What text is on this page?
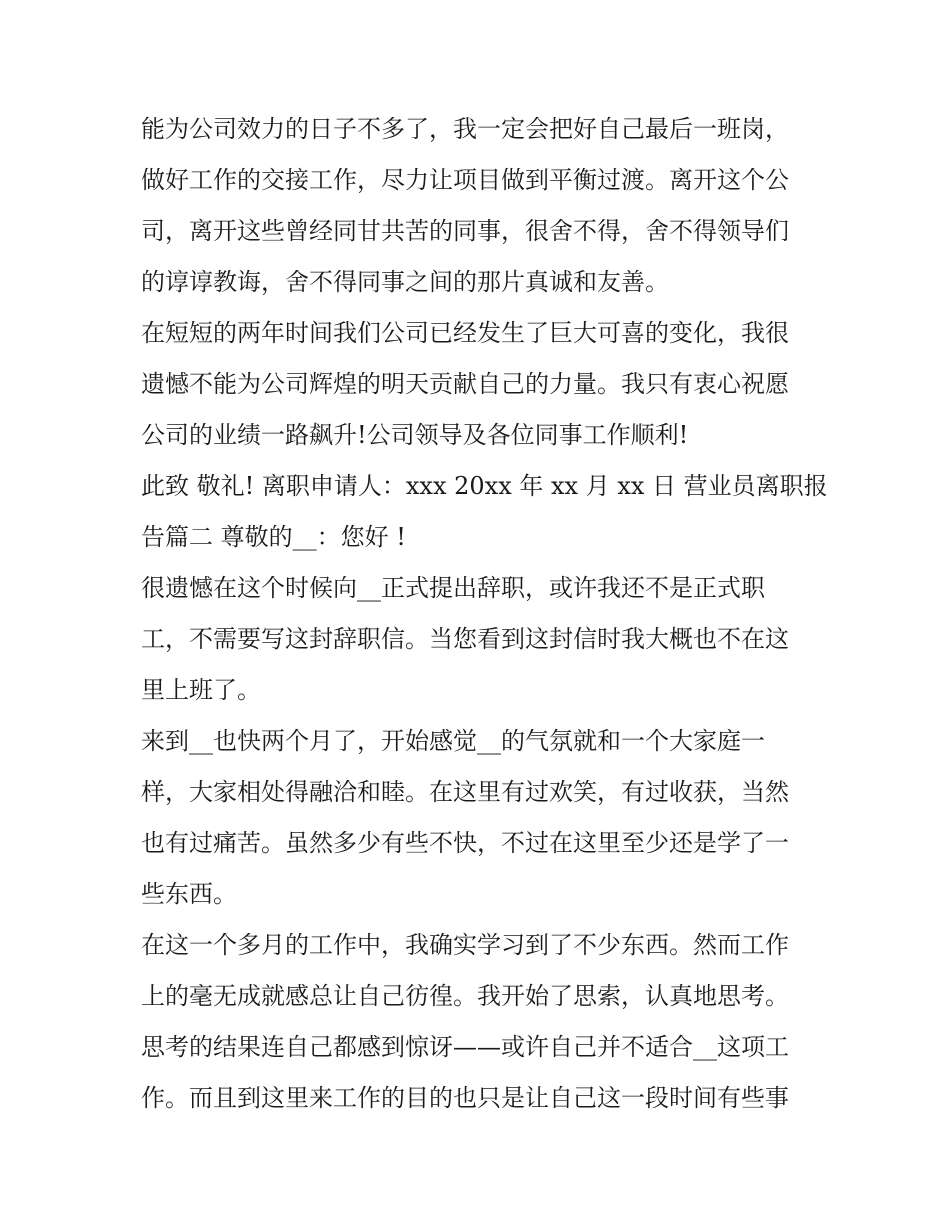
能为公司效力的日子不多了，我一定会把好自己最后一班岗，
做好工作的交接工作，尽力让项目做到平衡过渡。离开这个公
司，离开这些曾经同甘共苦的同事，很舍不得，舍不得领导们
的谆谆教诲，舍不得同事之间的那片真诚和友善。
在短短的两年时间我们公司已经发生了巨大可喜的变化，我很
遗憾不能为公司辉煌的明天贡献自己的力量。我只有衷心祝愿
公司的业绩一路飙升!公司领导及各位同事工作顺利!
此致 敬礼! 离职申请人：xxx 20xx 年 xx 月 xx 日 营业员离职报
告篇二 尊敬的__：您好 !
很遗憾在这个时候向__正式提出辞职，或许我还不是正式职
工，不需要写这封辞职信。当您看到这封信时我大概也不在这
里上班了。
来到__也快两个月了，开始感觉__的气氛就和一个大家庭一
样，大家相处得融洽和睦。在这里有过欢笑，有过收获，当然
也有过痛苦。虽然多少有些不快，不过在这里至少还是学了一
些东西。
在这一个多月的工作中，我确实学习到了不少东西。然而工作
上的毫无成就感总让自己彷徨。我开始了思索，认真地思考。
思考的结果连自己都感到惊讶——或许自己并不适合__这项工
作。而且到这里来工作的目的也只是让自己这一段时间有些事
